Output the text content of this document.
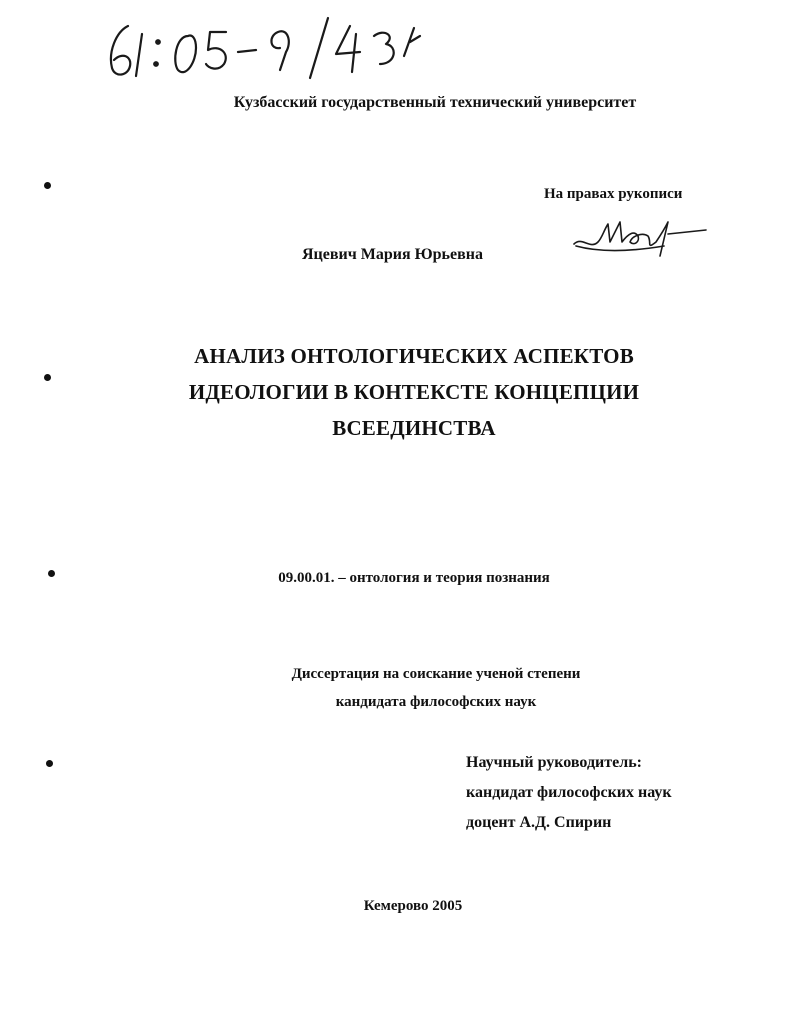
Кузбасский государственный технический университет
На правах рукописи
Яцевич Мария Юрьевна
АНАЛИЗ ОНТОЛОГИЧЕСКИХ АСПЕКТОВ
ИДЕОЛОГИИ В КОНТЕКСТЕ КОНЦЕПЦИИ
ВСЕЕДИНСТВА
09.00.01. – онтология и теория познания
Диссертация на соискание ученой степени
кандидата философских наук
Научный руководитель:
кандидат философских наук
доцент А.Д. Спирин
Кемерово 2005
